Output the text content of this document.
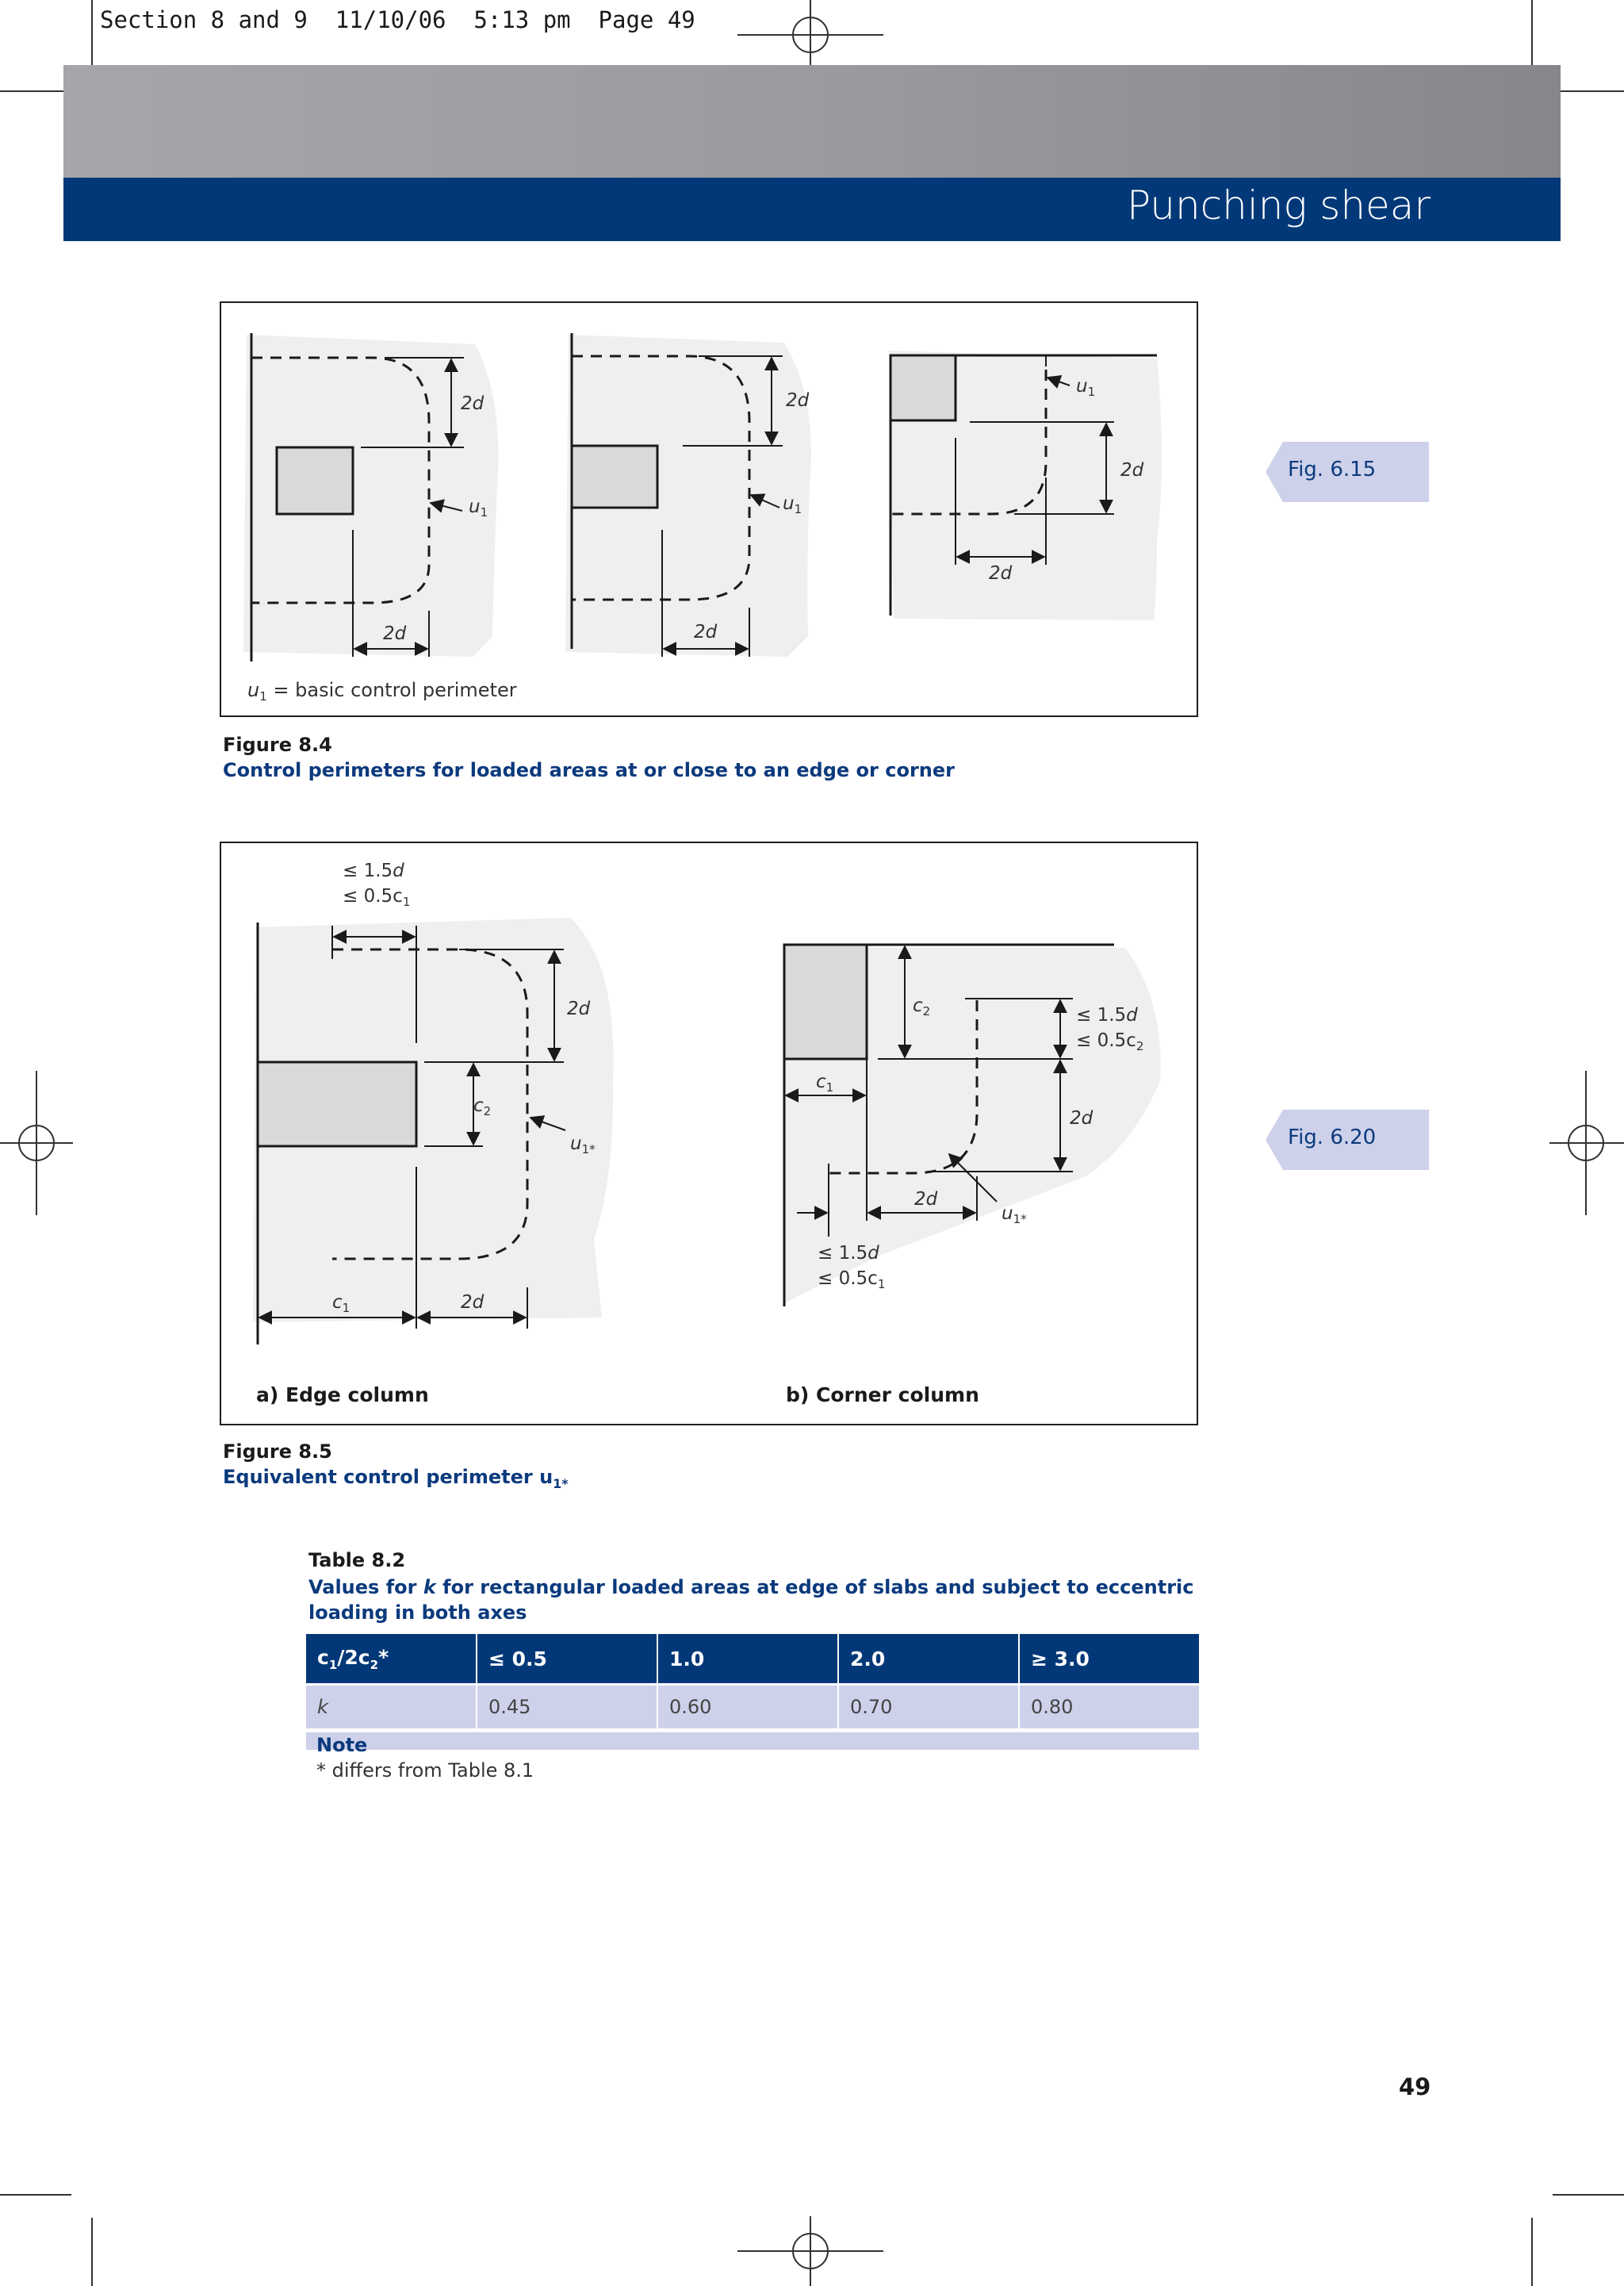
Section 8 and 9  11/10/06  5:13 pm  Page 49
Punching shear
2d
2d
$u_1$
2d
2d
$u_1$
2d
2d
$u_1$
$u_1$ = basic control perimeter
Fig. 6.15
Figure 8.4
Control perimeters for loaded areas at or close to an edge or corner
≤ 1.5d
≤ $0.5c_1$
2d
$c_2$
$u_{1*}$
$c_1$	2d
$c_2$	≤ 1.5d
≤ $0.5c_2$
$c_1$
2d
2d
$u_{1*}$
≤ 1.5d
≤ $0.5c_1$
a) Edge column	b) Corner column
Fig. 6.20
Figure 8.5
Equivalent control perimeter $u_{1*}$
Table 8.2
Values for k for rectangular loaded areas at edge of slabs and subject to eccentric loading in both axes
$c_1/2c_2*$	≤ 0.5	1.0	2.0	≥ 3.0
k	0.45	0.60	0.70	0.80
Note
* differs from Table 8.1
49
